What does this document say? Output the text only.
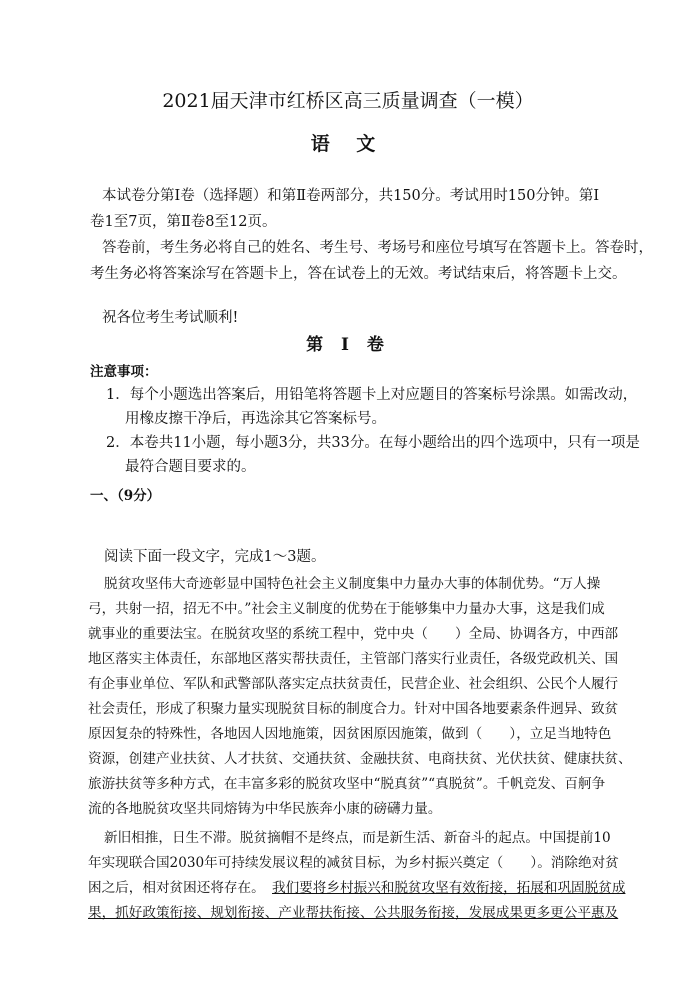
2021届天津市红桥区高三质量调查（一模）
语 文
本试卷分第Ⅰ卷（选择题）和第Ⅱ卷两部分，共150分。考试用时150分钟。第Ⅰ
卷1至7页，第Ⅱ卷8至12页。
答卷前，考生务必将自己的姓名、考生号、考场号和座位号填写在答题卡上。答卷时，
考生务必将答案涂写在答题卡上，答在试卷上的无效。考试结束后，将答题卡上交。
祝各位考生考试顺利!
第 Ⅰ 卷
注意事项：
1．每个小题选出答案后，用铅笔将答题卡上对应题目的答案标号涂黑。如需改动，
用橡皮擦干净后，再选涂其它答案标号。
2．本卷共11小题，每小题3分，共33分。在每小题给出的四个选项中，只有一项是
最符合题目要求的。
一、（9分）
阅读下面一段文字，完成1～3题。
脱贫攻坚伟大奇迹彰显中国特色社会主义制度集中力量办大事的体制优势。“万人操
弓，共射一招，招无不中。”社会主义制度的优势在于能够集中力量办大事，这是我们成
就事业的重要法宝。在脱贫攻坚的系统工程中，党中央（　　）全局、协调各方，中西部
地区落实主体责任，东部地区落实帮扶责任，主管部门落实行业责任，各级党政机关、国
有企事业单位、军队和武警部队落实定点扶贫责任，民营企业、社会组织、公民个人履行
社会责任，形成了积聚力量实现脱贫目标的制度合力。针对中国各地要素条件迥异、致贫
原因复杂的特殊性，各地因人因地施策，因贫困原因施策，做到（　　），立足当地特色
资源，创建产业扶贫、人才扶贫、交通扶贫、金融扶贫、电商扶贫、光伏扶贫、健康扶贫、
旅游扶贫等多种方式，在丰富多彩的脱贫攻坚中“脱真贫”“真脱贫”。千帆竞发、百舸争
流的各地脱贫攻坚共同熔铸为中华民族奔小康的磅礴力量。
新旧相推，日生不滞。脱贫摘帽不是终点，而是新生活、新奋斗的起点。中国提前10
年实现联合国2030年可持续发展议程的减贫目标，为乡村振兴奠定（　　）。消除绝对贫
困之后，相对贫困还将存在。 我们要将乡村振兴和脱贫攻坚有效衔接，拓展和巩固脱贫成
果，抓好政策衔接、规划衔接、产业帮扶衔接、公共服务衔接，发展成果更多更公平惠及
